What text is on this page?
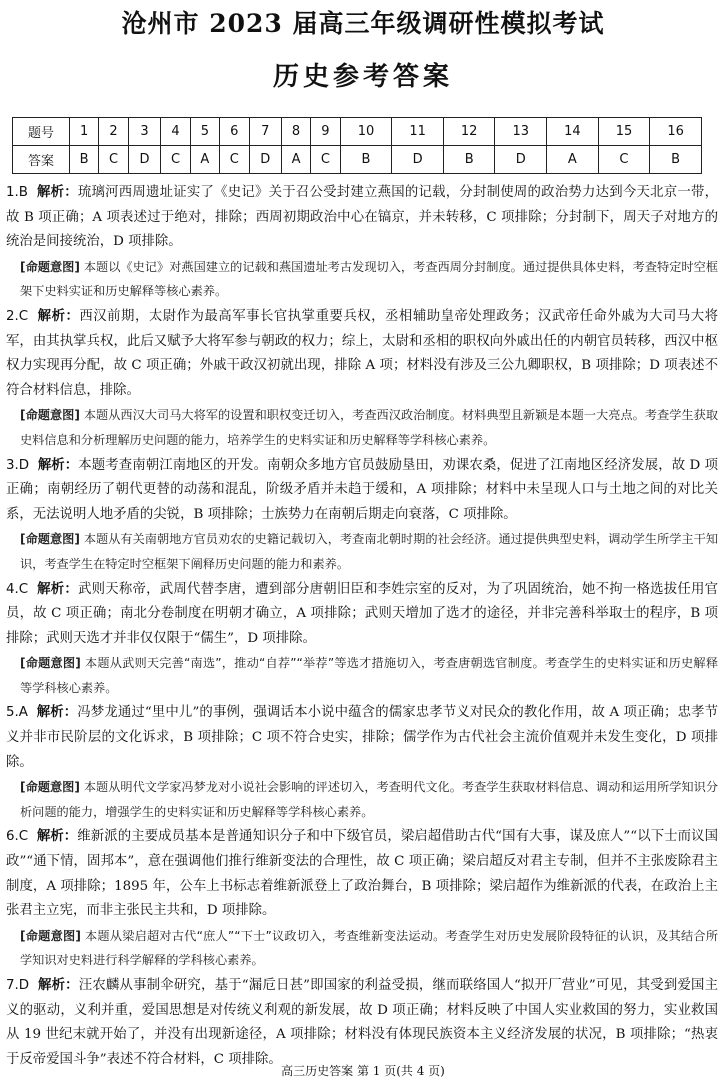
沧州市 2023 届高三年级调研性模拟考试
历史参考答案
题号	1	2	3	4	5	6	7	8	9	10	11	12	13	14	15	16
答案	B	C	D	C	A	C	D	A	C	B	D	B	D	A	C	B
1.B 解析：琉璃河西周遗址证实了《史记》关于召公受封建立燕国的记载，分封制使周的政治势力达到今天北京一带，故 B 项正确；A 项表述过于绝对，排除；西周初期政治中心在镐京，并未转移，C 项排除；分封制下，周天子对地方的统治是间接统治，D 项排除。
[命题意图] 本题以《史记》对燕国建立的记载和燕国遗址考古发现切入，考查西周分封制度。通过提供具体史料，考查特定时空框架下史料实证和历史解释等核心素养。
2.C 解析：西汉前期，太尉作为最高军事长官执掌重要兵权，丞相辅助皇帝处理政务；汉武帝任命外戚为大司马大将军，由其执掌兵权，此后又赋予大将军参与朝政的权力；综上，太尉和丞相的职权向外戚出任的内朝官员转移，西汉中枢权力实现再分配，故 C 项正确；外戚干政汉初就出现，排除 A 项；材料没有涉及三公九卿职权，B 项排除；D 项表述不符合材料信息，排除。
[命题意图] 本题从西汉大司马大将军的设置和职权变迁切入，考查西汉政治制度。材料典型且新颖是本题一大亮点。考查学生获取史料信息和分析理解历史问题的能力，培养学生的史料实证和历史解释等学科核心素养。
3.D 解析：本题考查南朝江南地区的开发。南朝众多地方官员鼓励垦田，劝课农桑，促进了江南地区经济发展，故 D 项正确；南朝经历了朝代更替的动荡和混乱，阶级矛盾并未趋于缓和，A 项排除；材料中未呈现人口与土地之间的对比关系，无法说明人地矛盾的尖锐，B 项排除；士族势力在南朝后期走向衰落，C 项排除。
[命题意图] 本题从有关南朝地方官员劝农的史籍记载切入，考查南北朝时期的社会经济。通过提供典型史料，调动学生所学主干知识，考查学生在特定时空框架下阐释历史问题的能力和素养。
4.C 解析：武则天称帝，武周代替李唐，遭到部分唐朝旧臣和李姓宗室的反对，为了巩固统治，她不拘一格选拔任用官员，故 C 项正确；南北分卷制度在明朝才确立，A 项排除；武则天增加了选才的途径，并非完善科举取士的程序，B 项排除；武则天选才并非仅仅限于“儒生”，D 项排除。
[命题意图] 本题从武则天完善“南选”，推动“自荐”“举荐”等选才措施切入，考查唐朝选官制度。考查学生的史料实证和历史解释等学科核心素养。
5.A 解析：冯梦龙通过“里中儿”的事例，强调话本小说中蕴含的儒家忠孝节义对民众的教化作用，故 A 项正确；忠孝节义并非市民阶层的文化诉求，B 项排除；C 项不符合史实，排除；儒学作为古代社会主流价值观并未发生变化，D 项排除。
[命题意图] 本题从明代文学家冯梦龙对小说社会影响的评述切入，考查明代文化。考查学生获取材料信息、调动和运用所学知识分析问题的能力，增强学生的史料实证和历史解释等学科核心素养。
6.C 解析：维新派的主要成员基本是普通知识分子和中下级官员，梁启超借助古代“国有大事，谋及庶人”“以下士而议国政”“通下情，固邦本”，意在强调他们推行维新变法的合理性，故 C 项正确；梁启超反对君主专制，但并不主张废除君主制度，A 项排除；1895 年，公车上书标志着维新派登上了政治舞台，B 项排除；梁启超作为维新派的代表，在政治上主张君主立宪，而非主张民主共和，D 项排除。
[命题意图] 本题从梁启超对古代“庶人”“下士”议政切入，考查维新变法运动。考查学生对历史发展阶段特征的认识，及其结合所学知识对史料进行科学解释的学科核心素养。
7.D 解析：汪农麟从事制伞研究，基于“漏卮日甚”即国家的利益受损，继而联络国人“拟开厂营业”可见，其受到爱国主义的驱动，义利并重，爱国思想是对传统义利观的新发展，故 D 项正确；材料反映了中国人实业救国的努力，实业救国从 19 世纪末就开始了，并没有出现新途径，A 项排除；材料没有体现民族资本主义经济发展的状况，B 项排除；“热衷于反帝爱国斗争”表述不符合材料，C 项排除。
高三历史答案 第 1 页(共 4 页)
